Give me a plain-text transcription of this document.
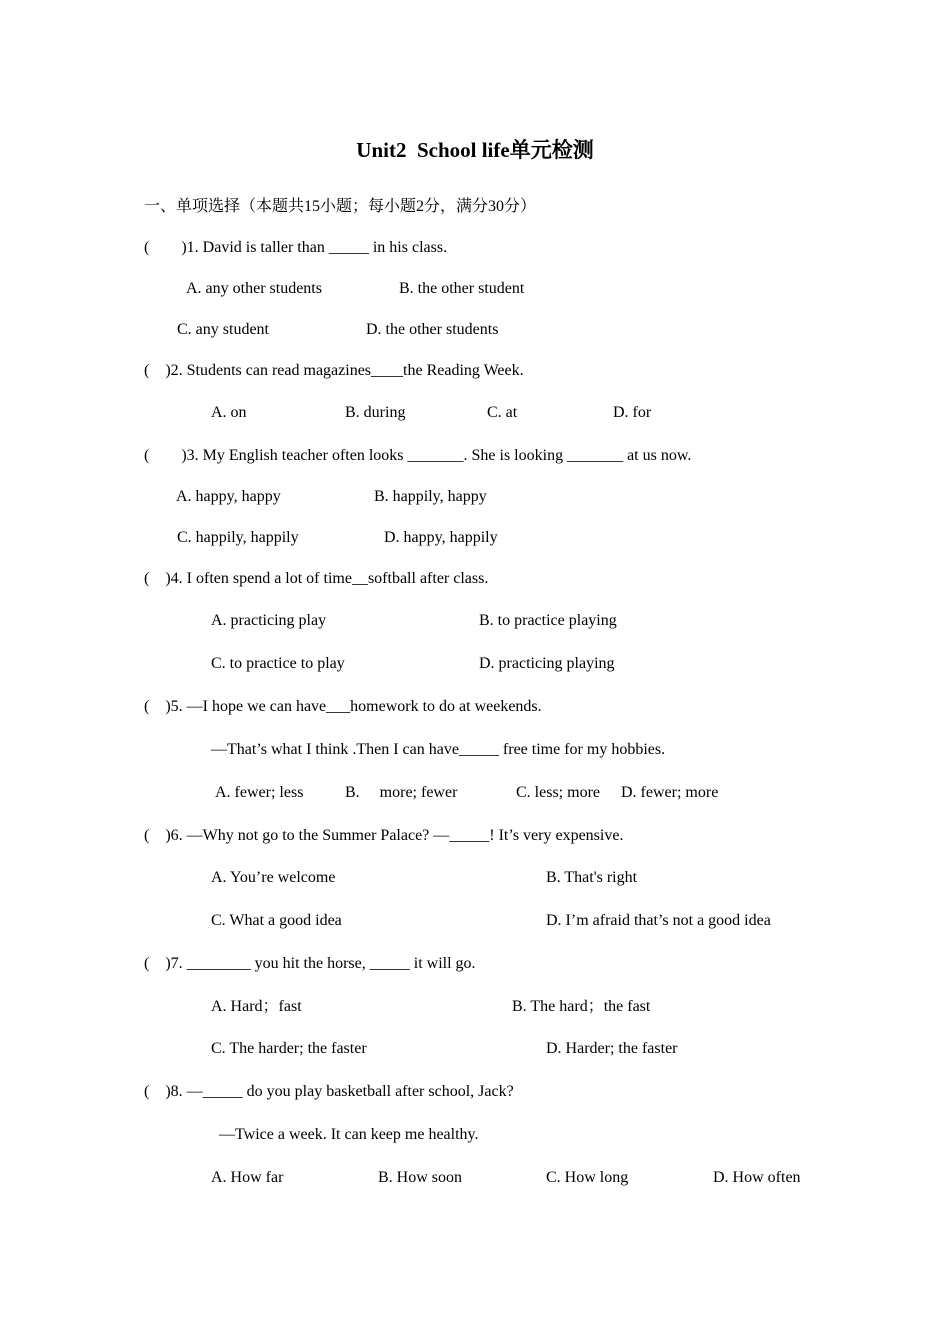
Unit2  School life单元检测
一、单项选择（本题共15小题；每小题2分，满分30分）
(        )1. David is taller than _____ in his class.
A. any other students	B. the other student
C. any student	D. the other students
(    )2. Students can read magazines____the Reading Week.
A. on	B. during	C. at	D. for
(        )3. My English teacher often looks _______. She is looking _______ at us now.
A. happy, happy	B. happily, happy
C. happily, happily	D. happy, happily
(    )4. I often spend a lot of time__softball after class.
A. practicing play	B. to practice playing
C. to practice to play	D. practicing playing
(    )5. —I hope we can have___homework to do at weekends.
—That’s what I think .Then I can have_____ free time for my hobbies.
A. fewer; less	B.     more; fewer	C. less; more D. fewer; more
(    )6. —Why not go to the Summer Palace? —_____! It’s very expensive.
A. You’re welcome	B. That's right
C. What a good idea	D. I’m afraid that’s not a good idea
(    )7. ________ you hit the horse, _____ it will go.
A. Hard；fast	B. The hard；the fast
C. The harder; the faster	D. Harder; the faster
(    )8. —_____ do you play basketball after school, Jack?
—Twice a week. It can keep me healthy.
A. How far	B. How soon	C. How long	D. How often
